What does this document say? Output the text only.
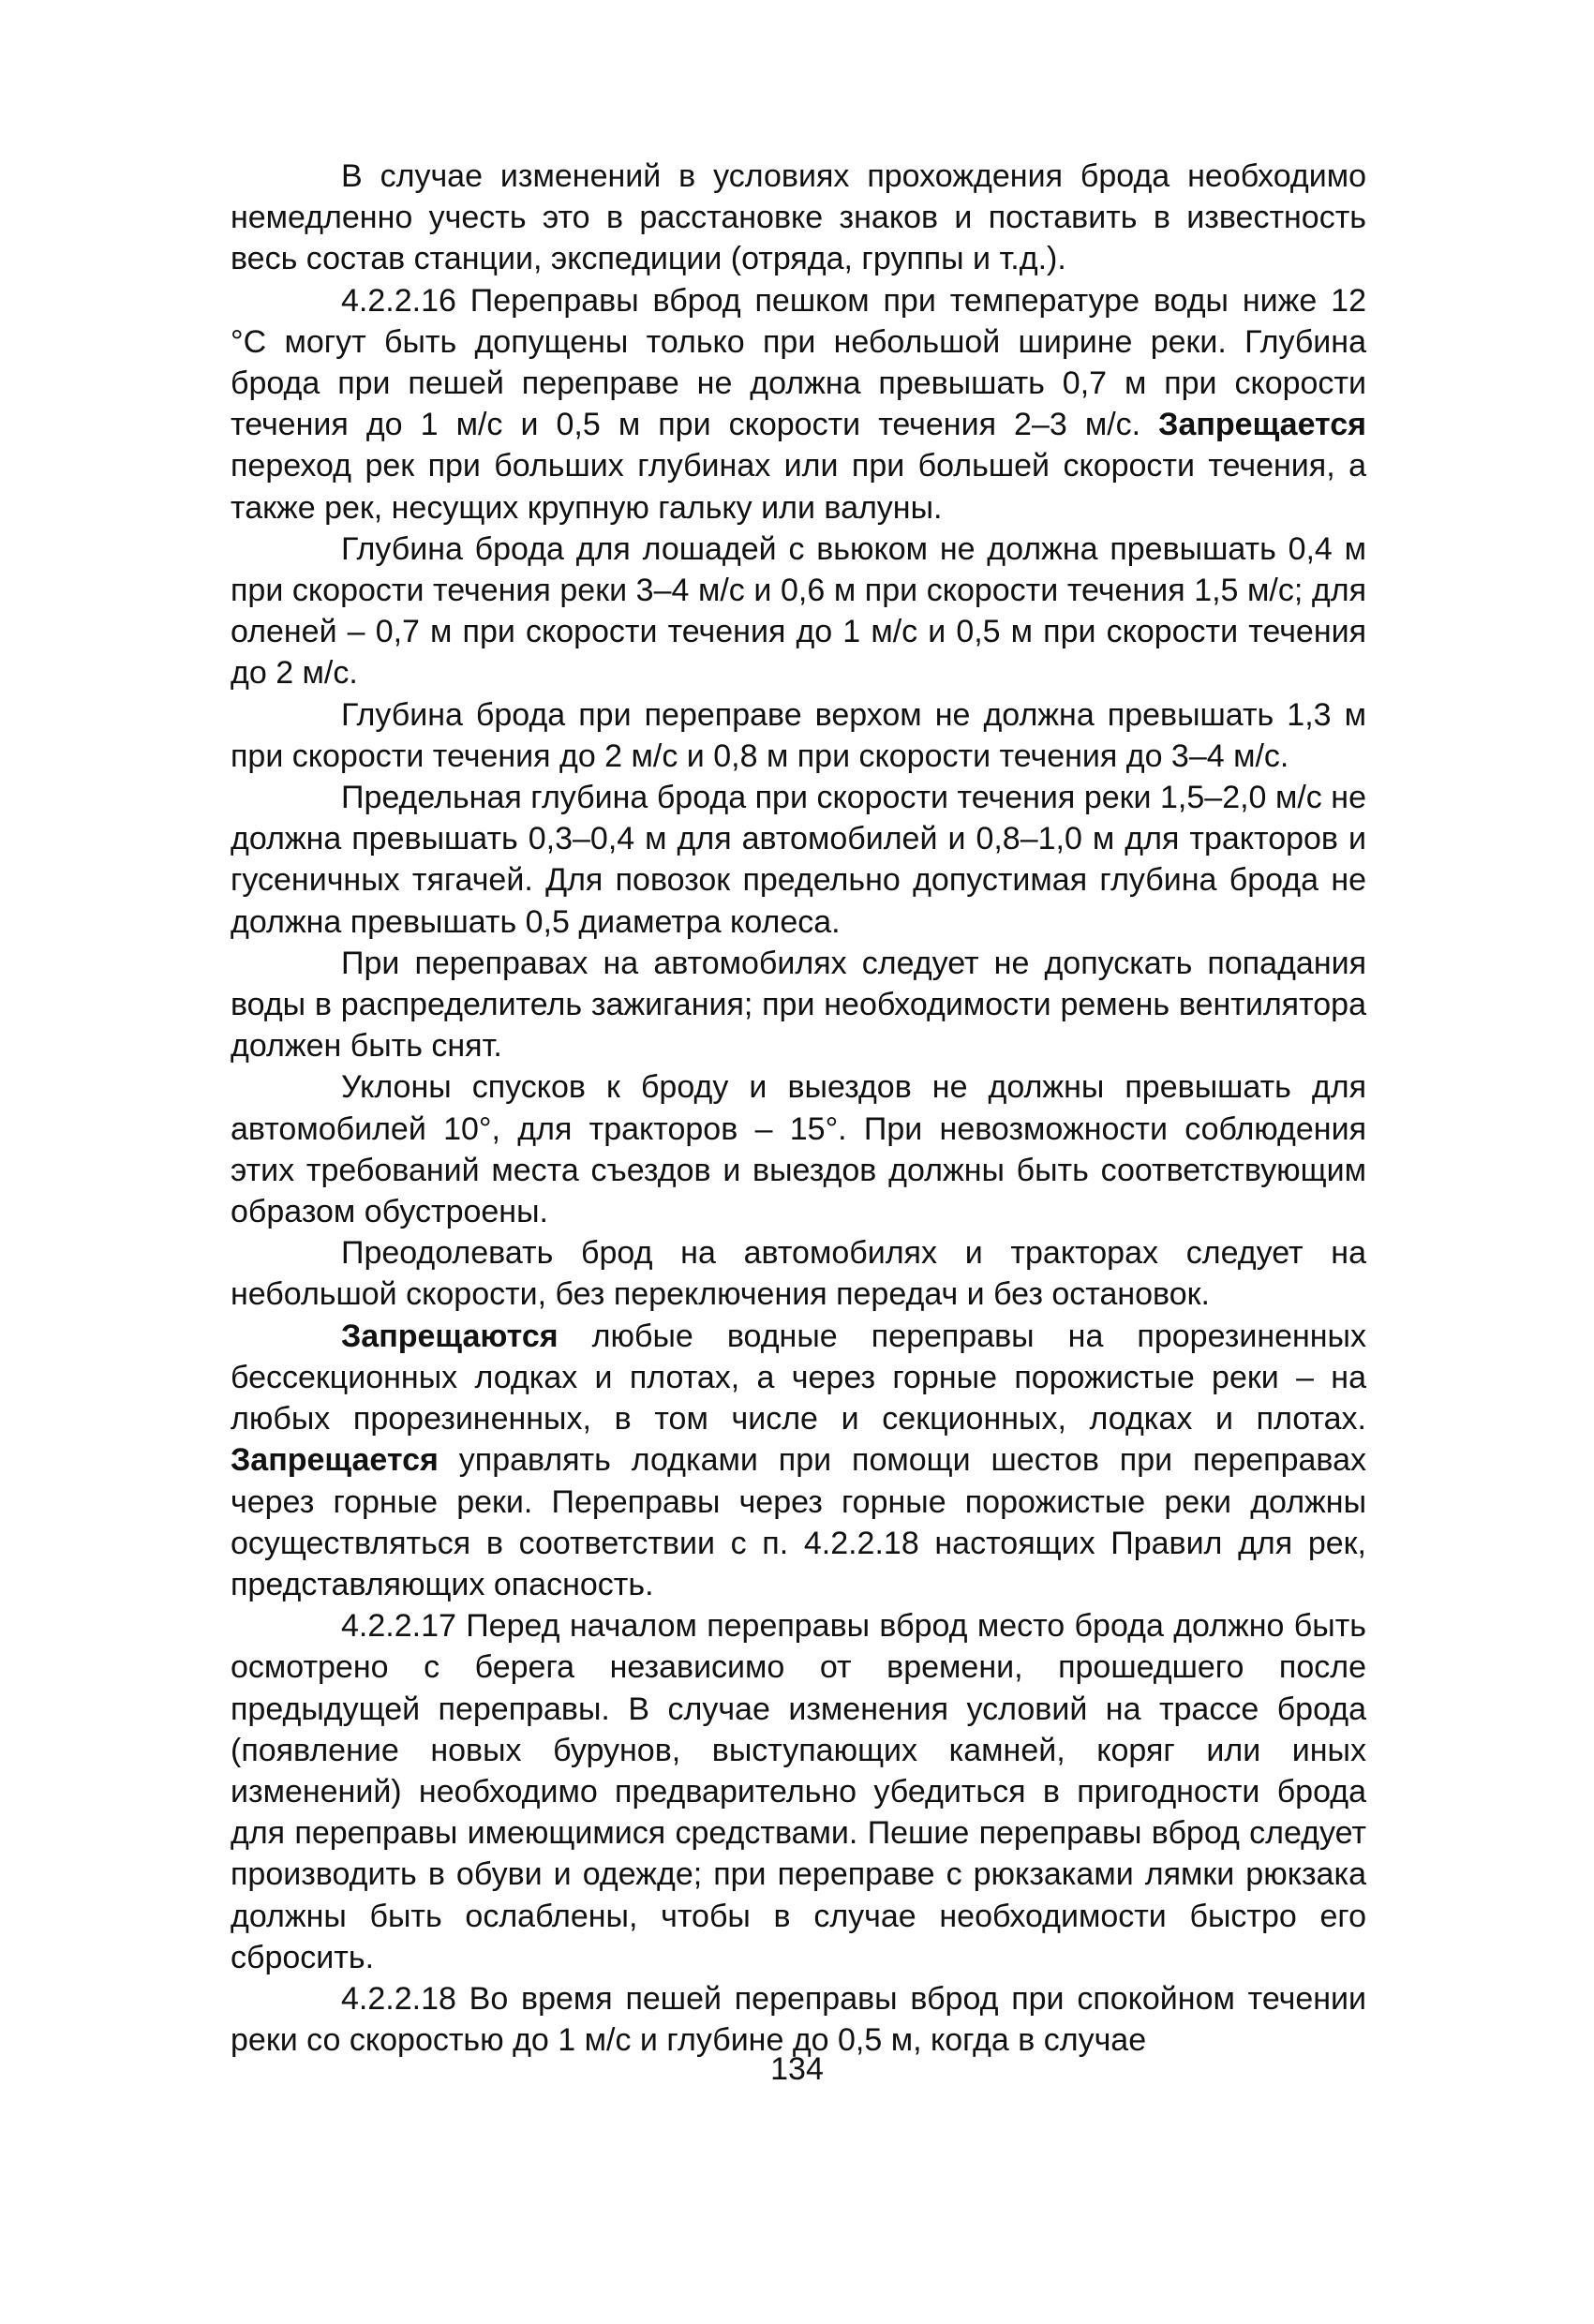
В случае изменений в условиях прохождения брода необходимо немедленно учесть это в расстановке знаков и поставить в известность весь состав станции, экспедиции (отряда, группы и т.д.).

4.2.2.16 Переправы вброд пешком при температуре воды ниже 12 °С могут быть допущены только при небольшой ширине реки. Глубина брода при пешей переправе не должна превышать 0,7 м при скорости течения до 1 м/с и 0,5 м при скорости течения 2–3 м/с. Запрещается переход рек при больших глубинах или при большей скорости течения, а также рек, несущих крупную гальку или валуны.

Глубина брода для лошадей с вьюком не должна превышать 0,4 м при скорости течения реки 3–4 м/с и 0,6 м при скорости течения 1,5 м/с; для оленей – 0,7 м при скорости течения до 1 м/с и 0,5 м при скорости течения до 2 м/с.

Глубина брода при переправе верхом не должна превышать 1,3 м при скорости течения до 2 м/с и 0,8 м при скорости течения до 3–4 м/с.

Предельная глубина брода при скорости течения реки 1,5–2,0 м/с не должна превышать 0,3–0,4 м для автомобилей и 0,8–1,0 м для тракторов и гусеничных тягачей. Для повозок предельно допустимая глубина брода не должна превышать 0,5 диаметра колеса.

При переправах на автомобилях следует не допускать попадания воды в распределитель зажигания; при необходимости ремень вентилятора должен быть снят.

Уклоны спусков к броду и выездов не должны превышать для автомобилей 10°, для тракторов – 15°. При невозможности соблюдения этих требований места съездов и выездов должны быть соответствующим образом обустроены.

Преодолевать брод на автомобилях и тракторах следует на небольшой скорости, без переключения передач и без остановок.

Запрещаются любые водные переправы на прорезиненных бессекционных лодках и плотах, а через горные порожистые реки – на любых прорезиненных, в том числе и секционных, лодках и плотах. Запрещается управлять лодками при помощи шестов при переправах через горные реки. Переправы через горные порожистые реки должны осуществляться в соответствии с п. 4.2.2.18 настоящих Правил для рек, представляющих опасность.

4.2.2.17 Перед началом переправы вброд место брода должно быть осмотрено с берега независимо от времени, прошедшего после предыдущей переправы. В случае изменения условий на трассе брода (появление новых бурунов, выступающих камней, коряг или иных изменений) необходимо предварительно убедиться в пригодности брода для переправы имеющимися средствами. Пешие переправы вброд следует производить в обуви и одежде; при переправе с рюкзаками лямки рюкзака должны быть ослаблены, чтобы в случае необходимости быстро его сбросить.

4.2.2.18 Во время пешей переправы вброд при спокойном течении реки со скоростью до 1 м/с и глубине до 0,5 м, когда в случае

134
